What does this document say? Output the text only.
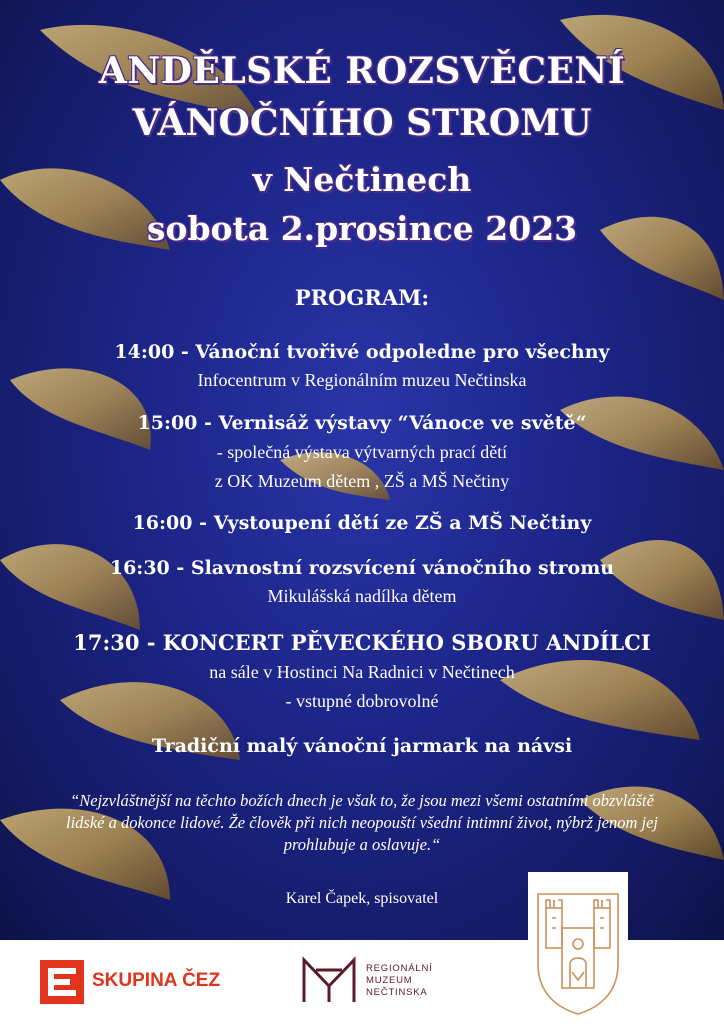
ANDĚLSKÉ ROZSVĚCENÍ
VÁNOČNÍHO STROMU
v Nečtinech
sobota 2.prosince 2023
PROGRAM:
14:00 - Vánoční tvořivé odpoledne pro všechny
Infocentrum v Regionálním muzeu Nečtinska
15:00 - Vernisáž výstavy “Vánoce ve světě“
- společná výstava výtvarných prací dětí
z OK Muzeum dětem , ZŠ a MŠ Nečtiny
16:00 - Vystoupení dětí ze ZŠ a MŠ Nečtiny
16:30 - Slavnostní rozsvícení vánočního stromu
Mikulášská nadílka dětem
17:30 - KONCERT PĚVECKÉHO SBORU ANDÍLCI
na sále v Hostinci Na Radnici v Nečtinech
- vstupné dobrovolné
Tradiční malý vánoční jarmark na návsi
“Nejzvláštnější na těchto božích dnech je však to, že jsou mezi všemi ostatními obzvláště lidské a dokonce lidové. Že člověk při nich neopouští všední intimní život, nýbrž jenom jej prohlubuje a oslavuje.“
Karel Čapek, spisovatel
SKUPINA ČEZ
REGIONÁLNÍ
MUZEUM
NEČTINSKA
